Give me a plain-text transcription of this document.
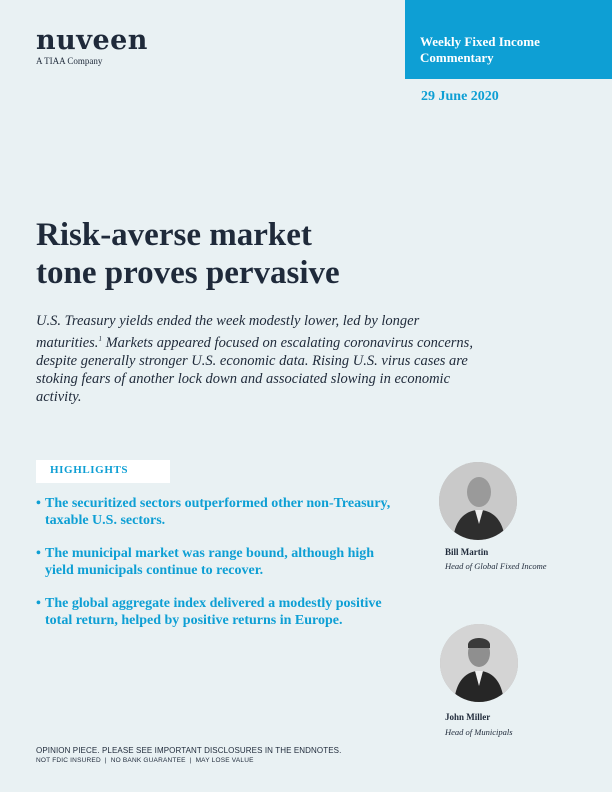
nuveen
A TIAA Company
Weekly Fixed Income
Commentary
29 June 2020
Risk-averse market
tone proves pervasive

U.S. Treasury yields ended the week modestly lower, led by longer maturities.$^1$ Markets appeared focused on escalating coronavirus concerns, despite generally stronger U.S. economic data. Rising U.S. virus cases are stoking fears of another lock down and associated slowing in economic activity.

HIGHLIGHTS
• The securitized sectors outperformed other non-Treasury, taxable U.S. sectors.
• The municipal market was range bound, although high yield municipals continue to recover.
• The global aggregate index delivered a modestly positive total return, helped by positive returns in Europe.
Bill Martin
Head of Global Fixed Income
John Miller
Head of Municipals
OPINION PIECE. PLEASE SEE IMPORTANT DISCLOSURES IN THE ENDNOTES.
NOT FDIC INSURED  |  NO BANK GUARANTEE  |  MAY LOSE VALUE
